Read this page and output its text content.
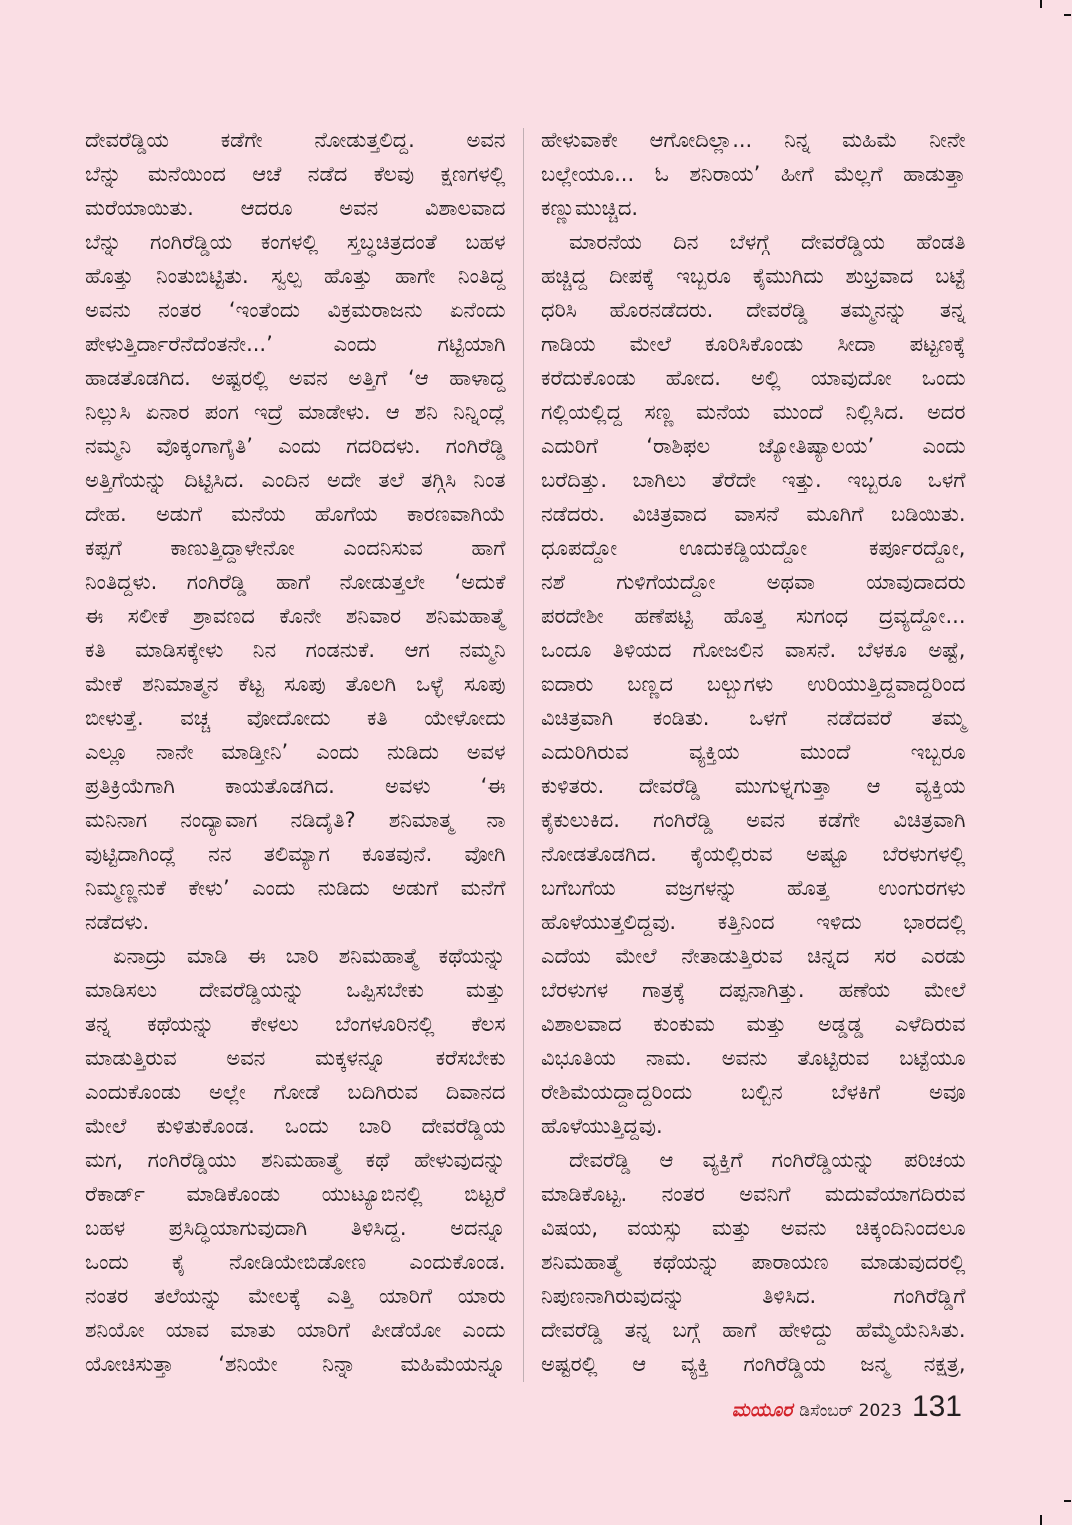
ದೇವರೆಡ್ಡಿಯ ಕಡೆಗೇ ನೋಡುತ್ತಲಿದ್ದ. ಅವನ
ಬೆನ್ನು ಮನೆಯಿಂದ ಆಚೆ ನಡೆದ ಕೆಲವು ಕ್ಷಣಗಳಲ್ಲಿ
ಮರೆಯಾಯಿತು. ಆದರೂ ಅವನ ವಿಶಾಲವಾದ
ಬೆನ್ನು ಗಂಗಿರೆಡ್ಡಿಯ ಕಂಗಳಲ್ಲಿ ಸ್ತಬ್ಧಚಿತ್ರದಂತೆ ಬಹಳ
ಹೊತ್ತು ನಿಂತುಬಿಟ್ಟಿತು. ಸ್ವಲ್ಪ ಹೊತ್ತು ಹಾಗೇ ನಿಂತಿದ್ದ
ಅವನು ನಂತರ ‘ಇಂತೆಂದು ವಿಕ್ರಮರಾಜನು ಏನೆಂದು
ಪೇಳುತ್ತಿರ್ದಾರೆನೆದೆಂತನೇ...’ ಎಂದು ಗಟ್ಟಿಯಾಗಿ
ಹಾಡತೊಡಗಿದ. ಅಷ್ಟರಲ್ಲಿ ಅವನ ಅತ್ತಿಗೆ ‘ಆ ಹಾಳಾದ್ದ
ನಿಲ್ಲುಸಿ ಏನಾರ ಪಂಗ ಇದ್ರೆ ಮಾಡೇಳು. ಆ ಶನಿ ನಿನ್ನಿಂದ್ಲೆ
ನಮ್ಮನಿ ವೊಕ್ಕಂಗಾಗೈತಿ’ ಎಂದು ಗದರಿದಳು. ಗಂಗಿರೆಡ್ಡಿ
ಅತ್ತಿಗೆಯನ್ನು ದಿಟ್ಟಿಸಿದ. ಎಂದಿನ ಅದೇ ತಲೆ ತಗ್ಗಿಸಿ ನಿಂತ
ದೇಹ. ಅಡುಗೆ ಮನೆಯ ಹೊಗೆಯ ಕಾರಣವಾಗಿಯೆ
ಕಪ್ಪಗೆ ಕಾಣುತ್ತಿದ್ದಾಳೇನೋ ಎಂದನಿಸುವ ಹಾಗೆ
ನಿಂತಿದ್ದಳು. ಗಂಗಿರೆಡ್ಡಿ ಹಾಗೆ ನೋಡುತ್ತಲೇ ‘ಅದುಕೆ
ಈ ಸಲೀಕೆ ಶ್ರಾವಣದ ಕೊನೇ ಶನಿವಾರ ಶನಿಮಹಾತ್ಮೆ
ಕತಿ ಮಾಡಿಸಕ್ಕೇಳು ನಿನ ಗಂಡನುಕೆ. ಆಗ ನಮ್ಮನಿ
ಮೇಕೆ ಶನಿಮಾತ್ಮನ ಕೆಟ್ಟ ಸೂಪು ತೊಲಗಿ ಒಳ್ಳೆ ಸೂಪು
ಬೀಳುತ್ತೆ. ವಚ್ಚ ವೋದೋದು ಕತಿ ಯೇಳೋದು
ಎಲ್ಲೂ ನಾನೇ ಮಾಡ್ತೀನಿ’ ಎಂದು ನುಡಿದು ಅವಳ
ಪ್ರತಿಕ್ರಿಯೆಗಾಗಿ ಕಾಯತೊಡಗಿದ. ಅವಳು ‘ಈ
ಮನಿನಾಗ ನಂದ್ಯಾವಾಗ ನಡಿದೈತಿ? ಶನಿಮಾತ್ಮ ನಾ
ವುಟ್ಟಿದಾಗಿಂದ್ಲೆ ನನ ತಲಿಮ್ಯಾಗ ಕೂತವುನೆ. ವೋಗಿ
ನಿಮ್ಮಣ್ಣನುಕೆ ಕೇಳು’ ಎಂದು ನುಡಿದು ಅಡುಗೆ ಮನೆಗೆ
ನಡೆದಳು.
ಏನಾದ್ರು ಮಾಡಿ ಈ ಬಾರಿ ಶನಿಮಹಾತ್ಮೆ ಕಥೆಯನ್ನು
ಮಾಡಿಸಲು ದೇವರೆಡ್ಡಿಯನ್ನು ಒಪ್ಪಿಸಬೇಕು ಮತ್ತು
ತನ್ನ ಕಥೆಯನ್ನು ಕೇಳಲು ಬೆಂಗಳೂರಿನಲ್ಲಿ ಕೆಲಸ
ಮಾಡುತ್ತಿರುವ ಅವನ ಮಕ್ಕಳನ್ನೂ ಕರೆಸಬೇಕು
ಎಂದುಕೊಂಡು ಅಲ್ಲೇ ಗೋಡೆ ಬದಿಗಿರುವ ದಿವಾನದ
ಮೇಲೆ ಕುಳಿತುಕೊಂಡ. ಒಂದು ಬಾರಿ ದೇವರೆಡ್ಡಿಯ
ಮಗ, ಗಂಗಿರೆಡ್ಡಿಯು ಶನಿಮಹಾತ್ಮೆ ಕಥೆ ಹೇಳುವುದನ್ನು
ರೆಕಾರ್ಡ್ ಮಾಡಿಕೊಂಡು ಯುಟ್ಯೂಬಿನಲ್ಲಿ ಬಿಟ್ಟರೆ
ಬಹಳ ಪ್ರಸಿದ್ಧಿಯಾಗುವುದಾಗಿ ತಿಳಿಸಿದ್ದ. ಅದನ್ನೂ
ಒಂದು ಕೈ ನೋಡಿಯೇಬಿಡೋಣ ಎಂದುಕೊಂಡ.
ನಂತರ ತಲೆಯನ್ನು ಮೇಲಕ್ಕೆ ಎತ್ತಿ ಯಾರಿಗೆ ಯಾರು
ಶನಿಯೋ ಯಾವ ಮಾತು ಯಾರಿಗೆ ಪೀಡೆಯೋ ಎಂದು
ಯೋಚಿಸುತ್ತಾ ‘ಶನಿಯೇ ನಿನ್ನಾ ಮಹಿಮೆಯನ್ನೂ
ಹೇಳುವಾಕೇ ಆಗೋದಿಲ್ಲಾ... ನಿನ್ನ ಮಹಿಮೆ ನೀನೇ
ಬಲ್ಲೇಯೂ... ಓ ಶನಿರಾಯ’ ಹೀಗೆ ಮೆಲ್ಲಗೆ ಹಾಡುತ್ತಾ
ಕಣ್ಣುಮುಚ್ಚಿದ.
ಮಾರನೆಯ ದಿನ ಬೆಳಗ್ಗೆ ದೇವರೆಡ್ಡಿಯ ಹೆಂಡತಿ
ಹಚ್ಚಿದ್ದ ದೀಪಕ್ಕೆ ಇಬ್ಬರೂ ಕೈಮುಗಿದು ಶುಭ್ರವಾದ ಬಟ್ಟೆ
ಧರಿಸಿ ಹೊರನಡೆದರು. ದೇವರೆಡ್ಡಿ ತಮ್ಮನನ್ನು ತನ್ನ
ಗಾಡಿಯ ಮೇಲೆ ಕೂರಿಸಿಕೊಂಡು ಸೀದಾ ಪಟ್ಟಣಕ್ಕೆ
ಕರೆದುಕೊಂಡು ಹೋದ. ಅಲ್ಲಿ ಯಾವುದೋ ಒಂದು
ಗಲ್ಲಿಯಲ್ಲಿದ್ದ ಸಣ್ಣ ಮನೆಯ ಮುಂದೆ ನಿಲ್ಲಿಸಿದ. ಅದರ
ಎದುರಿಗೆ ‘ರಾಶಿಫಲ ಜ್ಯೋತಿಷ್ಯಾಲಯ’ ಎಂದು
ಬರೆದಿತ್ತು. ಬಾಗಿಲು ತೆರೆದೇ ಇತ್ತು. ಇಬ್ಬರೂ ಒಳಗೆ
ನಡೆದರು. ವಿಚಿತ್ರವಾದ ವಾಸನೆ ಮೂಗಿಗೆ ಬಡಿಯಿತು.
ಧೂಪದ್ದೋ ಊದುಕಡ್ಡಿಯದ್ದೋ ಕರ್ಪೂರದ್ದೋ,
ನಶೆ ಗುಳಿಗೆಯದ್ದೋ ಅಥವಾ ಯಾವುದಾದರು
ಪರದೇಶೀ ಹಣೆಪಟ್ಟಿ ಹೊತ್ತ ಸುಗಂಧ ದ್ರವ್ಯದ್ದೋ...
ಒಂದೂ ತಿಳಿಯದ ಗೋಜಲಿನ ವಾಸನೆ. ಬೆಳಕೂ ಅಷ್ಟೆ,
ಐದಾರು ಬಣ್ಣದ ಬಲ್ಬುಗಳು ಉರಿಯುತ್ತಿದ್ದವಾದ್ದರಿಂದ
ವಿಚಿತ್ರವಾಗಿ ಕಂಡಿತು. ಒಳಗೆ ನಡೆದವರೆ ತಮ್ಮ
ಎದುರಿಗಿರುವ ವ್ಯಕ್ತಿಯ ಮುಂದೆ ಇಬ್ಬರೂ
ಕುಳಿತರು. ದೇವರೆಡ್ಡಿ ಮುಗುಳ್ನಗುತ್ತಾ ಆ ವ್ಯಕ್ತಿಯ
ಕೈಕುಲುಕಿದ. ಗಂಗಿರೆಡ್ಡಿ ಅವನ ಕಡೆಗೇ ವಿಚಿತ್ರವಾಗಿ
ನೋಡತೊಡಗಿದ. ಕೈಯಲ್ಲಿರುವ ಅಷ್ಟೂ ಬೆರಳುಗಳಲ್ಲಿ
ಬಗೆಬಗೆಯ ವಜ್ರಗಳನ್ನು ಹೊತ್ತ ಉಂಗುರಗಳು
ಹೊಳೆಯುತ್ತಲಿದ್ದವು. ಕತ್ತಿನಿಂದ ಇಳಿದು ಭಾರದಲ್ಲಿ
ಎದೆಯ ಮೇಲೆ ನೇತಾಡುತ್ತಿರುವ ಚಿನ್ನದ ಸರ ಎರಡು
ಬೆರಳುಗಳ ಗಾತ್ರಕ್ಕೆ ದಪ್ಪನಾಗಿತ್ತು. ಹಣೆಯ ಮೇಲೆ
ವಿಶಾಲವಾದ ಕುಂಕುಮ ಮತ್ತು ಅಡ್ಡಡ್ಡ ಎಳೆದಿರುವ
ವಿಭೂತಿಯ ನಾಮ. ಅವನು ತೊಟ್ಟಿರುವ ಬಟ್ಟೆಯೂ
ರೇಶಿಮೆಯದ್ದಾದ್ದರಿಂದು ಬಲ್ಬಿನ ಬೆಳಕಿಗೆ ಅವೂ
ಹೊಳೆಯುತ್ತಿದ್ದವು.
ದೇವರೆಡ್ಡಿ ಆ ವ್ಯಕ್ತಿಗೆ ಗಂಗಿರೆಡ್ಡಿಯನ್ನು ಪರಿಚಯ
ಮಾಡಿಕೊಟ್ಟ. ನಂತರ ಅವನಿಗೆ ಮದುವೆಯಾಗದಿರುವ
ವಿಷಯ, ವಯಸ್ಸು ಮತ್ತು ಅವನು ಚಿಕ್ಕಂದಿನಿಂದಲೂ
ಶನಿಮಹಾತ್ಮೆ ಕಥೆಯನ್ನು ಪಾರಾಯಣ ಮಾಡುವುದರಲ್ಲಿ
ನಿಪುಣನಾಗಿರುವುದನ್ನು ತಿಳಿಸಿದ. ಗಂಗಿರೆಡ್ಡಿಗೆ
ದೇವರೆಡ್ಡಿ ತನ್ನ ಬಗ್ಗೆ ಹಾಗೆ ಹೇಳಿದ್ದು ಹೆಮ್ಮೆಯೆನಿಸಿತು.
ಅಷ್ಟರಲ್ಲಿ ಆ ವ್ಯಕ್ತಿ ಗಂಗಿರೆಡ್ಡಿಯ ಜನ್ಮ ನಕ್ಷತ್ರ,
ಮಯೂರ ಡಿಸೆಂಬರ್ 2023 131
